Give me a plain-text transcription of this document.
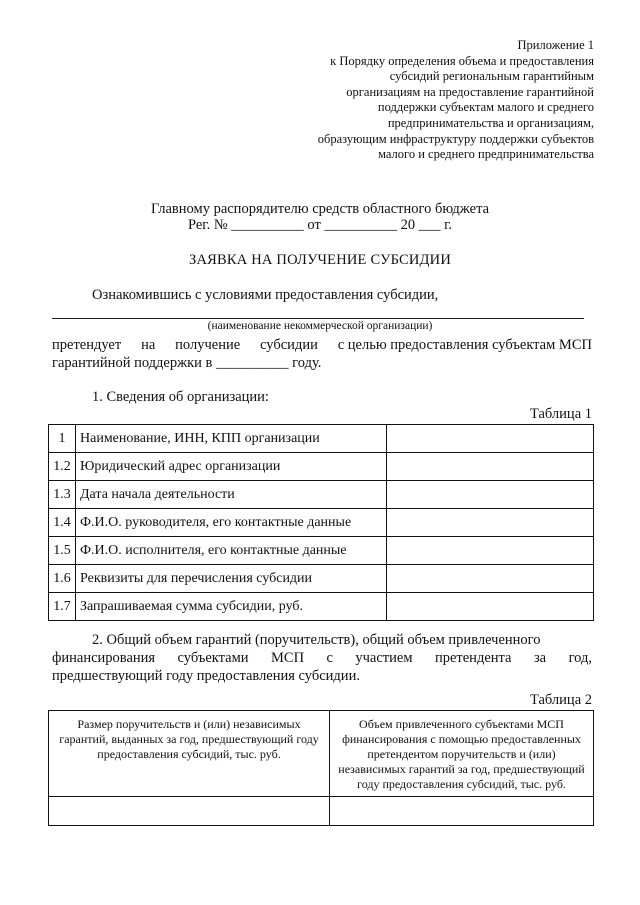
Приложение 1
к Порядку определения объема и предоставления
субсидий региональным гарантийным
организациям на предоставление гарантийной
поддержки субъектам малого и среднего
предпринимательства и организациям,
образующим инфраструктуру поддержки субъектов
малого и среднего предпринимательства
Главному распорядителю средств областного бюджета
Рег. № __________ от __________ 20 ___ г.
ЗАЯВКА НА ПОЛУЧЕНИЕ СУБСИДИИ
Ознакомившись с условиями предоставления субсидии,
(наименование некоммерческой организации)
претендует на получение субсидии с целью предоставления субъектам МСП
гарантийной поддержки в __________ году.
1. Сведения об организации:
Таблица 1
1	Наименование, ИНН, КПП организации	
1.2	Юридический адрес организации	
1.3	Дата начала деятельности	
1.4	Ф.И.О. руководителя, его контактные данные	
1.5	Ф.И.О. исполнителя, его контактные данные	
1.6	Реквизиты для перечисления субсидии	
1.7	Запрашиваемая сумма субсидии, руб.	
2. Общий объем гарантий (поручительств), общий объем привлеченного
финансирования субъектами МСП с участием претендента за год,
предшествующий году предоставления субсидии.
Таблица 2
Размер поручительств и (или) независимых гарантий, выданных за год, предшествующий году предоставления субсидий, тыс. руб.	Объем привлеченного субъектами МСП финансирования с помощью предоставленных претендентом поручительств и (или) независимых гарантий за год, предшествующий году предоставления субсидий, тыс. руб.
